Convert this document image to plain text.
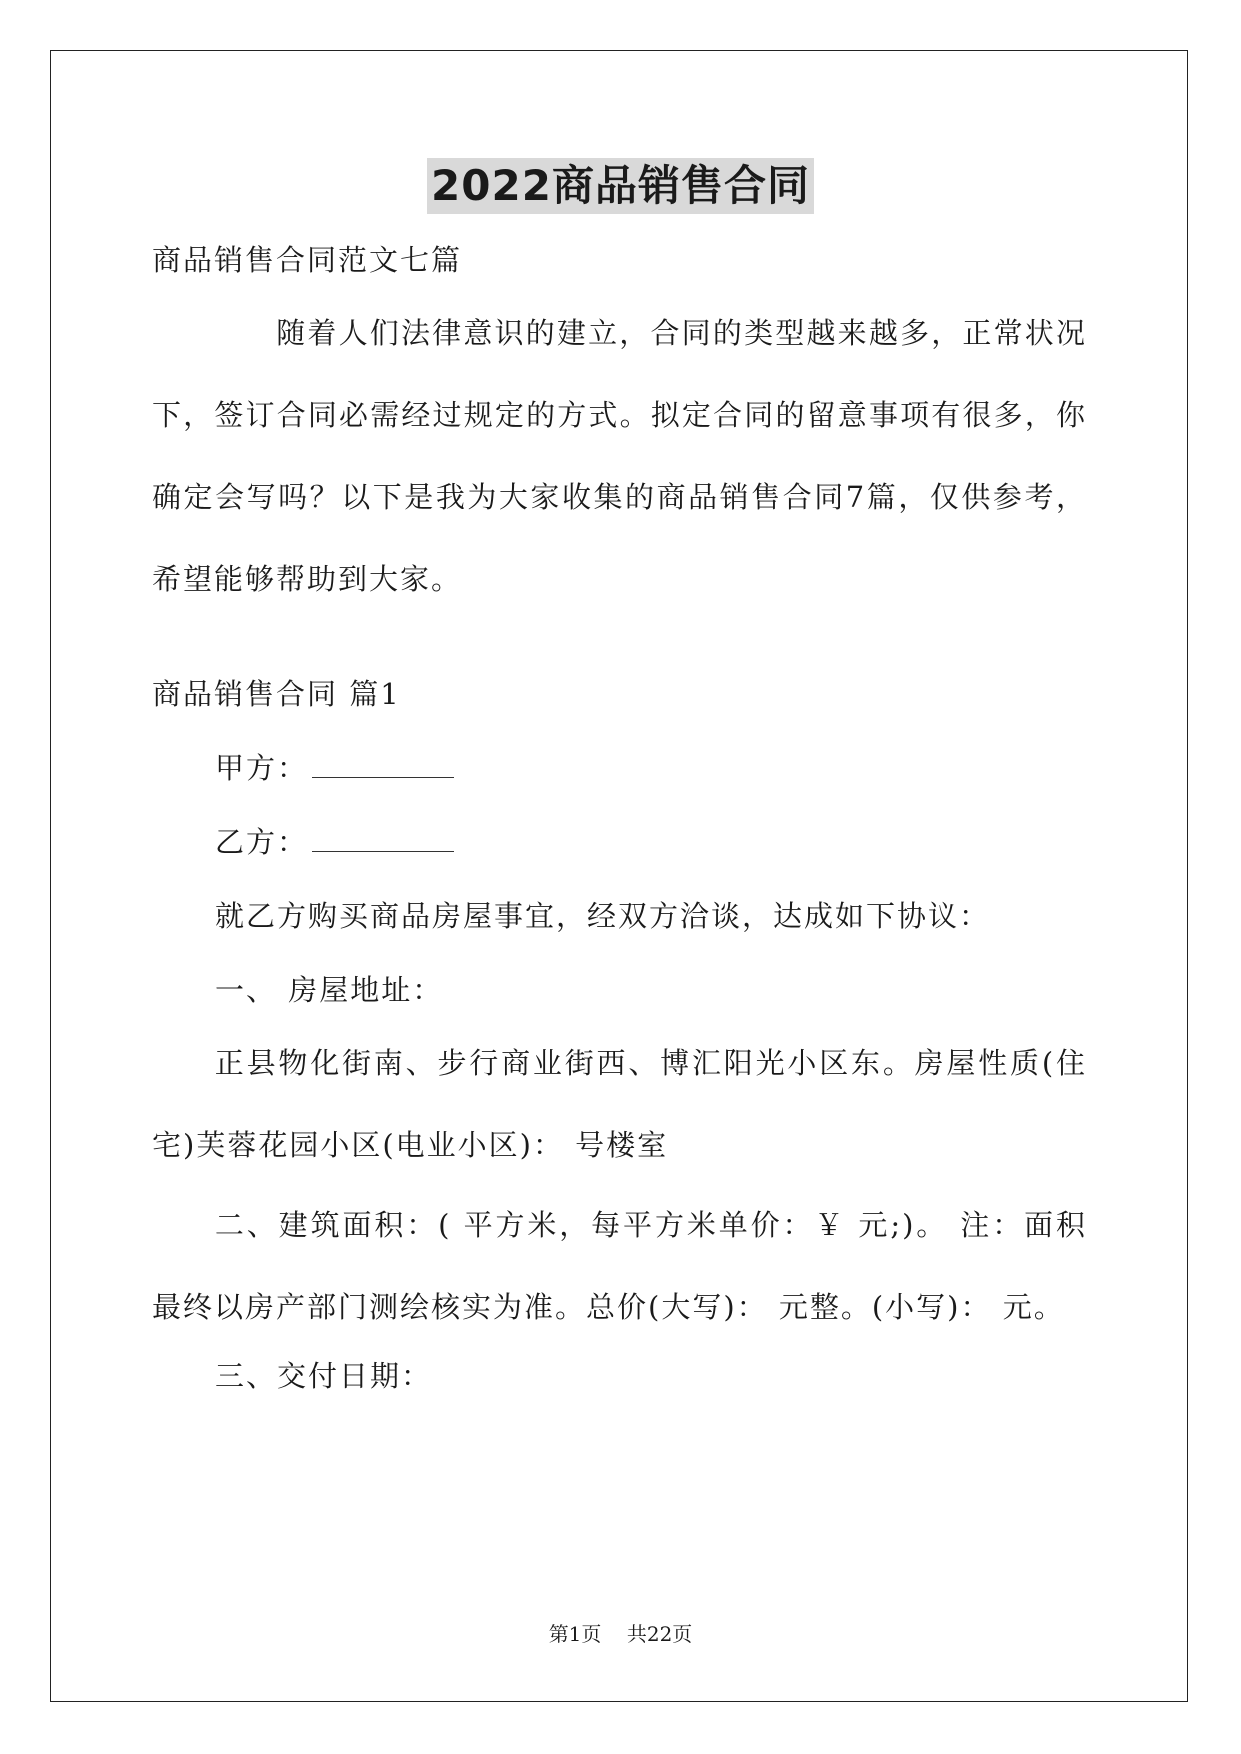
2022商品销售合同
商品销售合同范文七篇
随着人们法律意识的建立，合同的类型越来越多，正常状况下，签订合同必需经过规定的方式。拟定合同的留意事项有很多，你确定会写吗？以下是我为大家收集的商品销售合同7篇，仅供参考，希望能够帮助到大家。
商品销售合同 篇1
甲方：
乙方：
就乙方购买商品房屋事宜，经双方洽谈，达成如下协议：
一、 房屋地址：
正县物化街南、步行商业街西、博汇阳光小区东。房屋性质(住宅)芙蓉花园小区(电业小区)： 号楼室
二、建筑面积：( 平方米，每平方米单价：￥ 元;)。 注：面积最终以房产部门测绘核实为准。总价(大写)： 元整。(小写)： 元。
三、交付日期：
第1页 共22页
